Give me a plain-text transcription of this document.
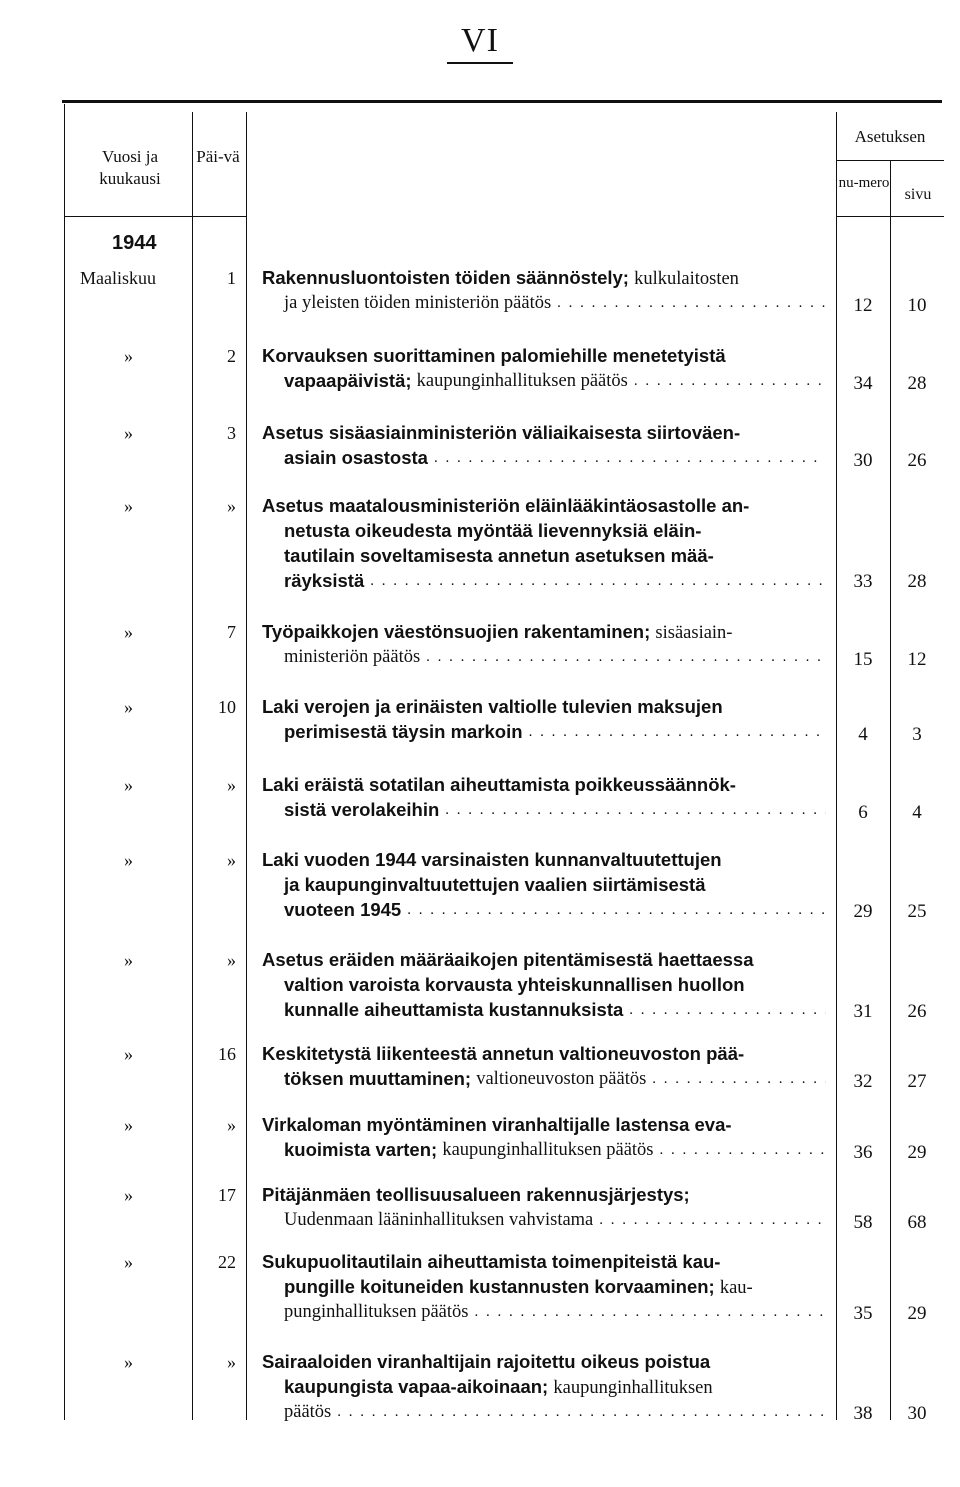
VI
Vuosi ja kuukausi
Päi-vä
Asetuksen
nu-mero
sivu
1944
Maaliskuu	1 Rakennusluontoisten töiden säännöstely; kulkulaitosten
ja yleisten töiden ministeriön päätös . . .	12	10
»	2 Korvauksen suorittaminen palomiehille menetetyistä
vapaapäivistä; kaupunginhallituksen päätös . . .	34	28
»	3 Asetus sisäasiainministeriön väliaikaisesta siirtoväen-
asiain osastosta . . .	30	26
»	» Asetus maatalousministeriön eläinlääkintäosastolle an-
netusta oikeudesta myöntää lievennyksiä eläin-
tautilain soveltamisesta annetun asetuksen mää-
räyksistä . . .	33	28
»	7 Työpaikkojen väestönsuojien rakentaminen; sisäasiain-
ministeriön päätös . . .	15	12
»	10 Laki verojen ja erinäisten valtiolle tulevien maksujen
perimisestä täysin markoin . . .	4	3
»	» Laki eräistä sotatilan aiheuttamista poikkeussäännök-
sistä verolakeihin . . .	6	4
»	» Laki vuoden 1944 varsinaisten kunnanvaltuutettujen
ja kaupunginvaltuutettujen vaalien siirtämisestä
vuoteen 1945 . . .	29	25
»	» Asetus eräiden määräaikojen pitentämisestä haettaessa
valtion varoista korvausta yhteiskunnallisen huollon
kunnalle aiheuttamista kustannuksista . . .	31	26
»	16 Keskitetystä liikenteestä annetun valtioneuvoston pää-
töksen muuttaminen; valtioneuvoston päätös . . .	32	27
»	» Virkaloman myöntäminen viranhaltijalle lastensa eva-
kuoimista varten; kaupunginhallituksen päätös . . .	36	29
»	17 Pitäjänmäen teollisuusalueen rakennusjärjestys;
Uudenmaan lääninhallituksen vahvistama . . .	58	68
»	22 Sukupuolitautilain aiheuttamista toimenpiteistä kau-
pungille koituneiden kustannusten korvaaminen; kau-
punginhallituksen päätös . . .	35	29
»	» Sairaaloiden viranhaltijain rajoitettu oikeus poistua
kaupungista vapaa-aikoinaan; kaupunginhallituksen
päätös . . .	38	30
